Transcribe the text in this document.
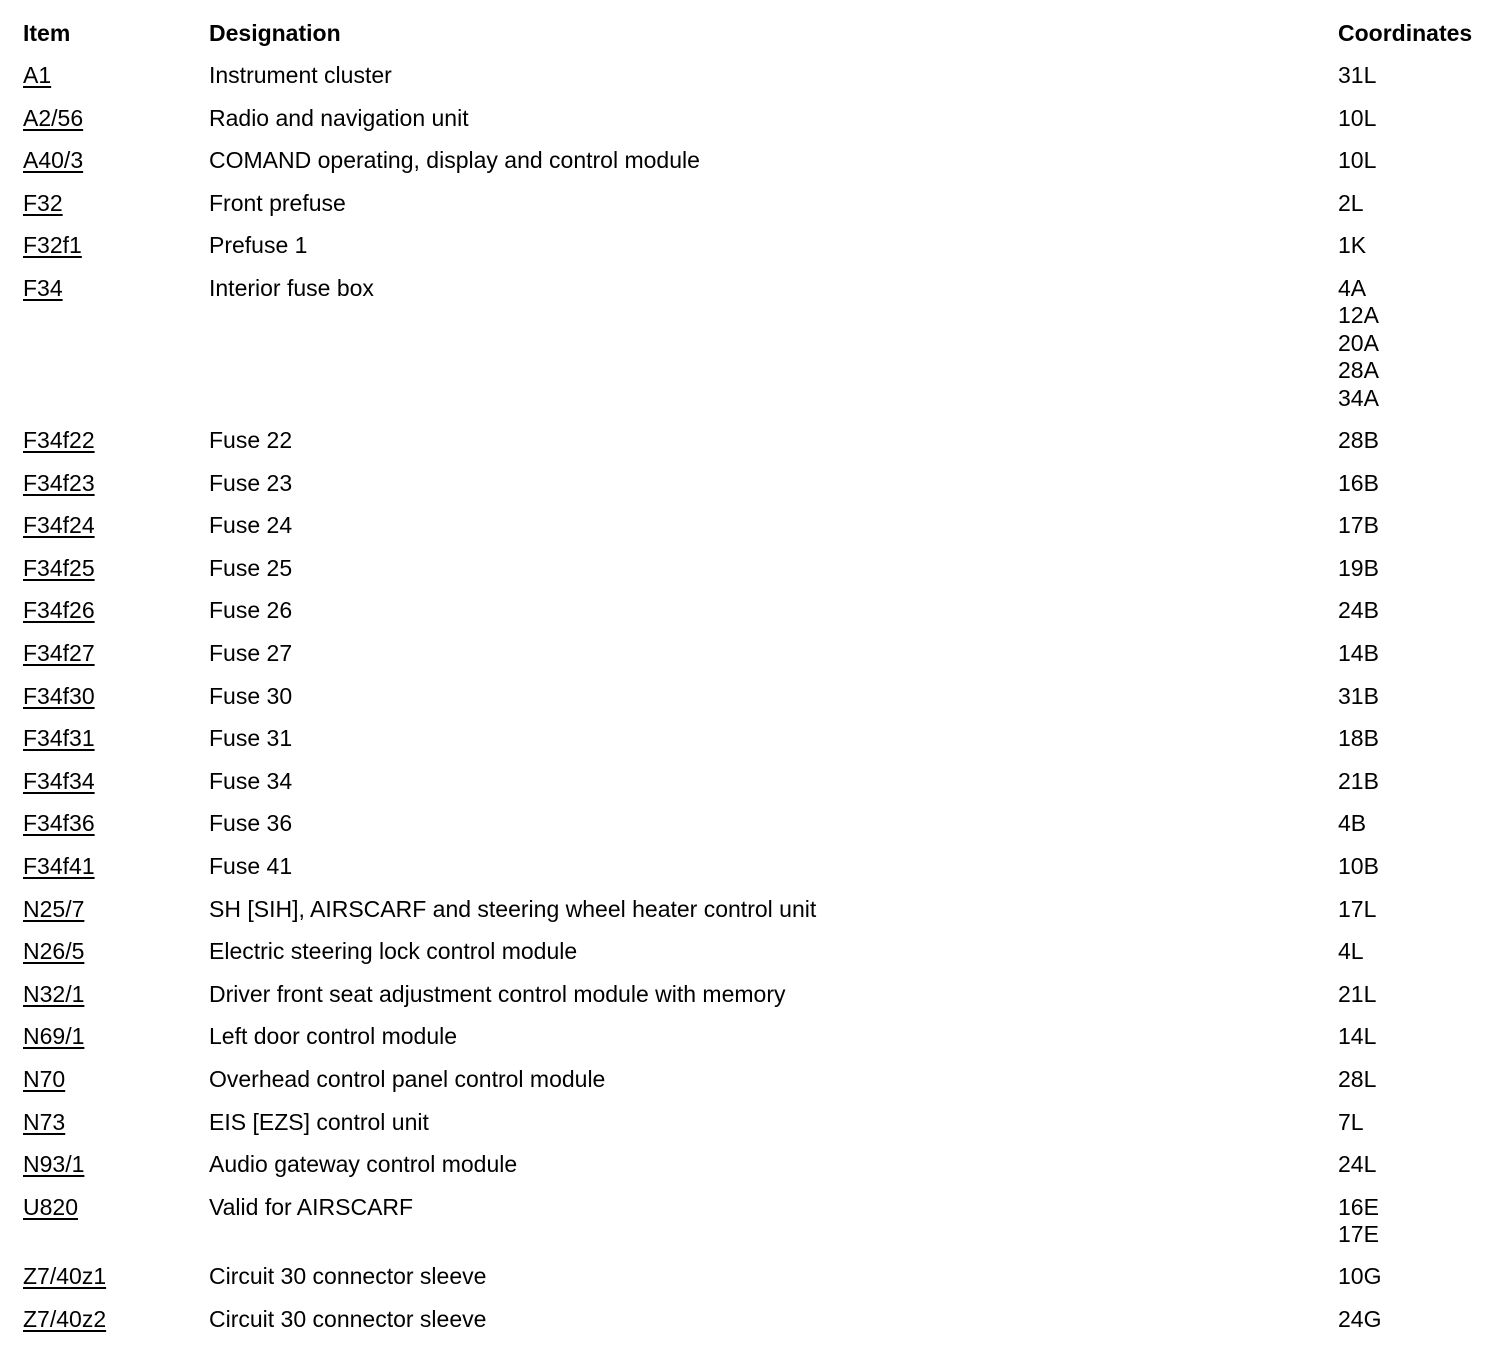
Item	Designation	Coordinates
A1	Instrument cluster	31L
A2/56	Radio and navigation unit	10L
A40/3	COMAND operating, display and control module	10L
F32	Front prefuse	2L
F32f1	Prefuse 1	1K
F34	Interior fuse box	4A
12A
20A
28A
34A
F34f22	Fuse 22	28B
F34f23	Fuse 23	16B
F34f24	Fuse 24	17B
F34f25	Fuse 25	19B
F34f26	Fuse 26	24B
F34f27	Fuse 27	14B
F34f30	Fuse 30	31B
F34f31	Fuse 31	18B
F34f34	Fuse 34	21B
F34f36	Fuse 36	4B
F34f41	Fuse 41	10B
N25/7	SH [SIH], AIRSCARF and steering wheel heater control unit	17L
N26/5	Electric steering lock control module	4L
N32/1	Driver front seat adjustment control module with memory	21L
N69/1	Left door control module	14L
N70	Overhead control panel control module	28L
N73	EIS [EZS] control unit	7L
N93/1	Audio gateway control module	24L
U820	Valid for AIRSCARF	16E
17E
Z7/40z1	Circuit 30 connector sleeve	10G
Z7/40z2	Circuit 30 connector sleeve	24G
